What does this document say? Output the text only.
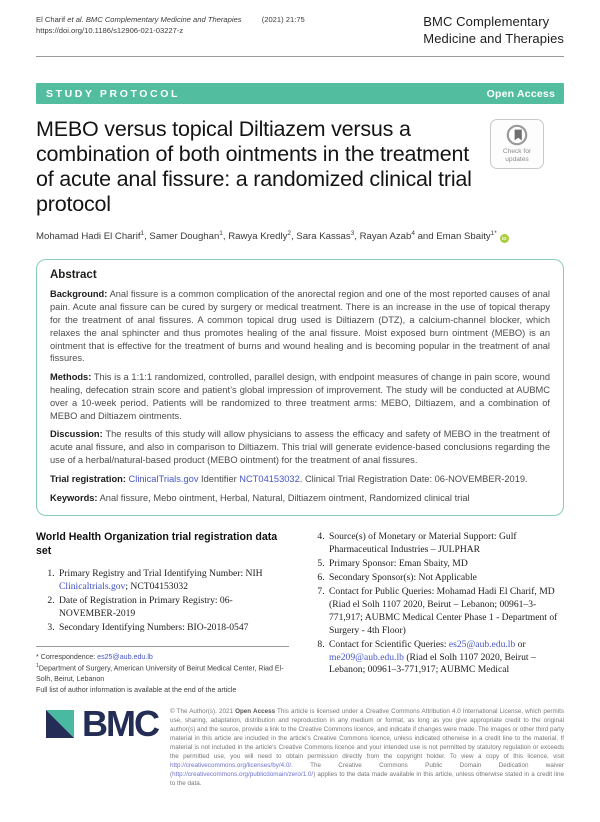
El Charif et al. BMC Complementary Medicine and Therapies	(2021) 21:75
https://doi.org/10.1186/s12906-021-03227-z
BMC Complementary
Medicine and Therapies
STUDY PROTOCOL	Open Access
MEBO versus topical Diltiazem versus a combination of both ointments in the treatment of acute anal fissure: a randomized clinical trial protocol
Check for
updates
Mohamad Hadi El Charif$^1$, Samer Doughan$^1$, Rawya Kredly$^2$, Sara Kassas$^3$, Rayan Azab$^4$ and Eman Sbaity$^{1*}$iD
Abstract

Background: Anal fissure is a common complication of the anorectal region and one of the most reported causes of anal pain. Acute anal fissure can be cured by surgery or medical treatment. There is an increase in the use of topical therapy for the treatment of anal fissures. A common topical drug used is Diltiazem (DTZ), a calcium-channel blocker, which relaxes the anal sphincter and thus promotes healing of the anal fissure. Moist exposed burn ointment (MEBO) is an ointment that is effective for the treatment of burns and wound healing and is becoming popular in the treatment of anal fissures.

Methods: This is a 1:1:1 randomized, controlled, parallel design, with endpoint measures of change in pain score, wound healing, defecation strain score and patient’s global impression of improvement. The study will be conducted at AUBMC over a 10-week period. Patients will be randomized to three treatment arms: MEBO, Diltiazem, and a combination of MEBO and Diltiazem ointments.

Discussion: The results of this study will allow physicians to assess the efficacy and safety of MEBO in the treatment of acute anal fissure, and also in comparison to Diltiazem. This trial will generate evidence-based conclusions regarding the use of a herbal/natural-based product (MEBO ointment) for the treatment of anal fissures.

Trial registration: ClinicalTrials.gov Identifier NCT04153032. Clinical Trial Registration Date: 06-NOVEMBER-2019.

Keywords: Anal fissure, Mebo ointment, Herbal, Natural, Diltiazem ointment, Randomized clinical trial

World Health Organization trial registration data set
1. Primary Registry and Trial Identifying Number: NIH Clinicaltrials.gov; NCT04153032
2. Date of Registration in Primary Registry: 06-NOVEMBER-2019
3. Secondary Identifying Numbers: BIO-2018-0547
* Correspondence: es25@aub.edu.lb
$^1$Department of Surgery, American University of Beirut Medical Center, Riad El-Solh, Beirut, Lebanon
Full list of author information is available at the end of the article
4. Source(s) of Monetary or Material Support: Gulf Pharmaceutical Industries – JULPHAR
5. Primary Sponsor: Eman Sbaity, MD
6. Secondary Sponsor(s): Not Applicable
7. Contact for Public Queries: Mohamad Hadi El Charif, MD (Riad el Solh 1107 2020, Beirut – Lebanon; 00961–3-771,917; AUBMC Medical Center Phase 1 - Department of Surgery - 4th Floor)
8. Contact for Scientific Queries: es25@aub.edu.lb or me209@aub.edu.lb (Riad el Solh 1107 2020, Beirut – Lebanon; 00961–3-771,917; AUBMC Medical
BMC © The Author(s). 2021 Open Access This article is licensed under a Creative Commons Attribution 4.0 International License, which permits use, sharing, adaptation, distribution and reproduction in any medium or format, as long as you give appropriate credit to the original author(s) and the source, provide a link to the Creative Commons licence, and indicate if changes were made. The images or other third party material in this article are included in the article's Creative Commons licence, unless indicated otherwise in a credit line to the material. If material is not included in the article's Creative Commons licence and your intended use is not permitted by statutory regulation or exceeds the permitted use, you will need to obtain permission directly from the copyright holder. To view a copy of this licence, visit http://creativecommons.org/licenses/by/4.0/. The Creative Commons Public Domain Dedication waiver (http://creativecommons.org/publicdomain/zero/1.0/) applies to the data made available in this article, unless otherwise stated in a credit line to the data.
